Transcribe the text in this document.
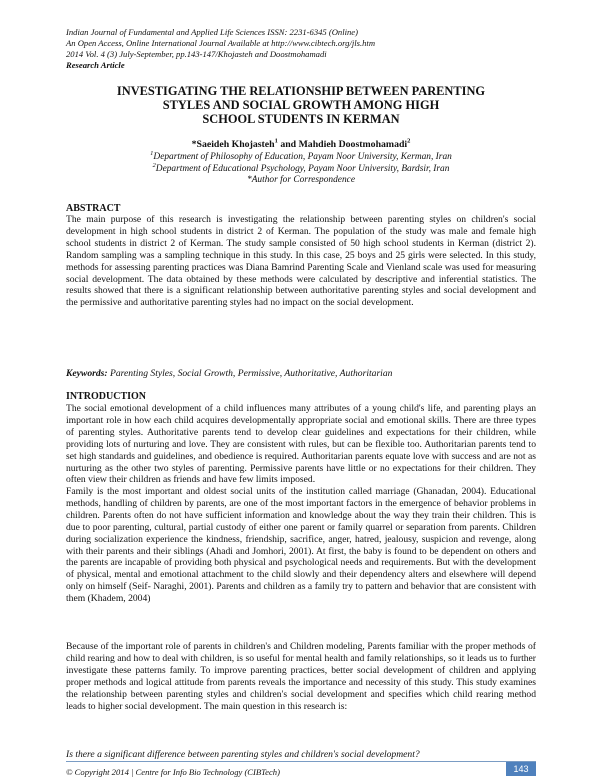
Indian Journal of Fundamental and Applied Life Sciences ISSN: 2231-6345 (Online)
An Open Access, Online International Journal Available at http://www.cibtech.org/jls.htm
2014 Vol. 4 (3) July-September, pp.143-147/Khojasteh and Doostmohamadi
Research Article
INVESTIGATING THE RELATIONSHIP BETWEEN PARENTING
STYLES AND SOCIAL GROWTH AMONG HIGH
SCHOOL STUDENTS IN KERMAN
*Saeideh Khojasteh$^1$ and Mahdieh Doostmohamadi$^2$
$^1$Department of Philosophy of Education, Payam Noor University, Kerman, Iran
$^2$Department of Educational Psychology, Payam Noor University, Bardsir, Iran
*Author for Correspondence
ABSTRACT
The main purpose of this research is investigating the relationship between parenting styles on children's social development in high school students in district 2 of Kerman. The population of the study was male and female high school students in district 2 of Kerman. The study sample consisted of 50 high school students in Kerman (district 2). Random sampling was a sampling technique in this study. In this case, 25 boys and 25 girls were selected. In this study, methods for assessing parenting practices was Diana Bamrind Parenting Scale and Vienland scale was used for measuring social development. The data obtained by these methods were calculated by descriptive and inferential statistics. The results showed that there is a significant relationship between authoritative parenting styles and social development and the permissive and authoritative parenting styles had no impact on the social development.
Keywords: Parenting Styles, Social Growth, Permissive, Authoritative, Authoritarian
INTRODUCTION
The social emotional development of a child influences many attributes of a young child's life, and parenting plays an important role in how each child acquires developmentally appropriate social and emotional skills. There are three types of parenting styles. Authoritative parents tend to develop clear guidelines and expectations for their children, while providing lots of nurturing and love. They are consistent with rules, but can be flexible too. Authoritarian parents tend to set high standards and guidelines, and obedience is required. Authoritarian parents equate love with success and are not as nurturing as the other two styles of parenting. Permissive parents have little or no expectations for their children. They often view their children as friends and have few limits imposed.
Family is the most important and oldest social units of the institution called marriage (Ghanadan, 2004). Educational methods, handling of children by parents, are one of the most important factors in the emergence of behavior problems in children. Parents often do not have sufficient information and knowledge about the way they train their children. This is due to poor parenting, cultural, partial custody of either one parent or family quarrel or separation from parents. Children during socialization experience the kindness, friendship, sacrifice, anger, hatred, jealousy, suspicion and revenge, along with their parents and their siblings (Ahadi and Jomhori, 2001). At first, the baby is found to be dependent on others and the parents are incapable of providing both physical and psychological needs and requirements. But with the development of physical, mental and emotional attachment to the child slowly and their dependency alters and elsewhere will depend only on himself (Seif- Naraghi, 2001). Parents and children as a family try to pattern and behavior that are consistent with them (Khadem, 2004)
Because of the important role of parents in children's and Children modeling, Parents familiar with the proper methods of child rearing and how to deal with children, is so useful for mental health and family relationships, so it leads us to further investigate these patterns family. To improve parenting practices, better social development of children and applying proper methods and logical attitude from parents reveals the importance and necessity of this study. This study examines the relationship between parenting styles and children's social development and specifies which child rearing method leads to higher social development. The main question in this research is:
Is there a significant difference between parenting styles and children's social development?
© Copyright 2014 | Centre for Info Bio Technology (CIBTech)	143
